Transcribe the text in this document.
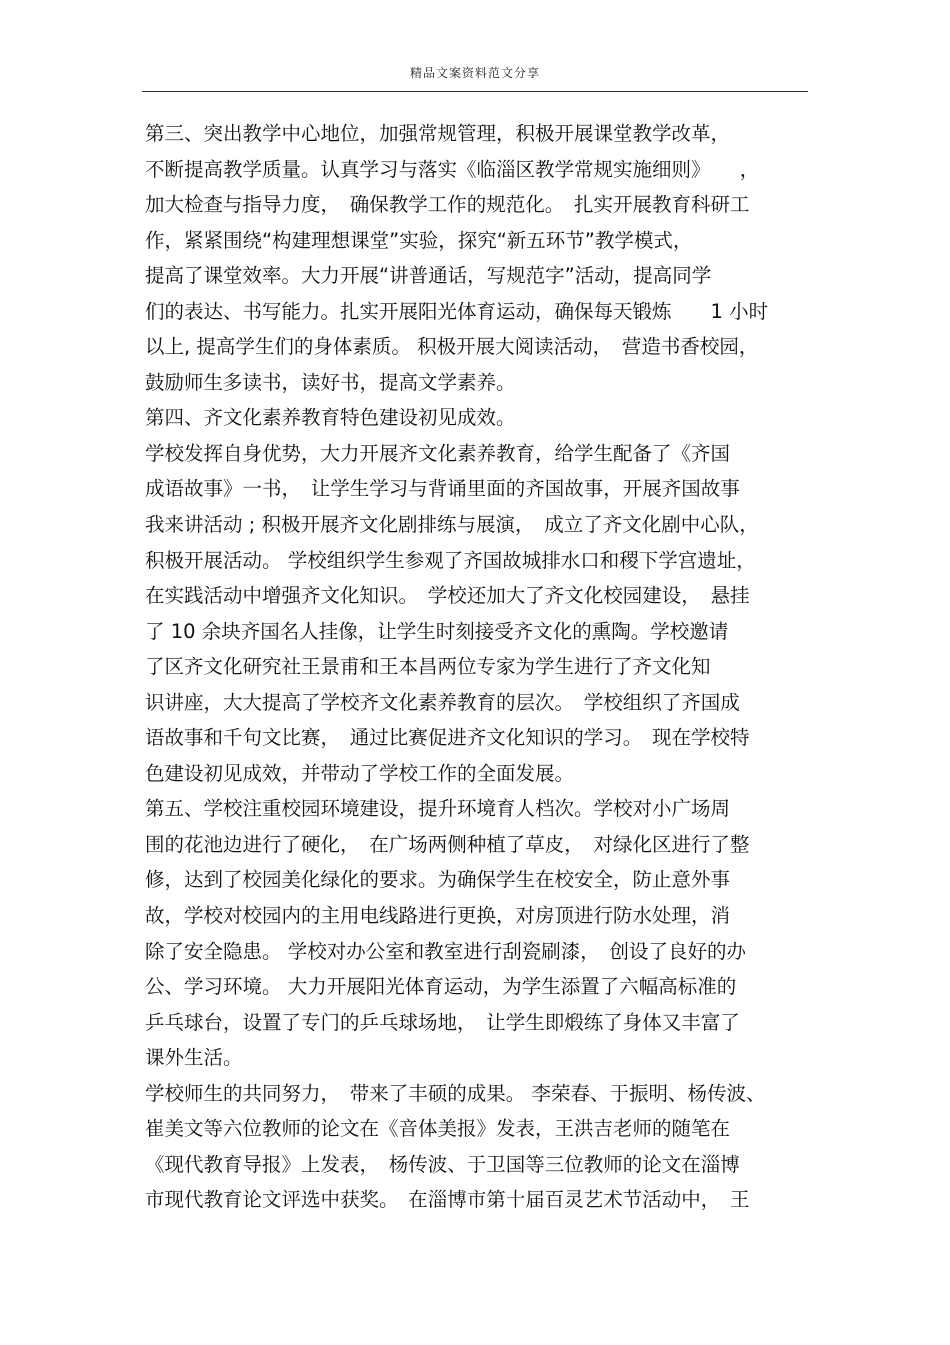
精品文案资料范文分享
第三、突出教学中心地位，加强常规管理，积极开展课堂教学改革，
不断提高教学质量。认真学习与落实《临淄区教学常规实施细则》　　，
加大检查与指导力度，　确保教学工作的规范化。　扎实开展教育科研工
作，紧紧围绕“构建理想课堂”实验，探究“新五环节”教学模式，
提高了课堂效率。大力开展“讲普通话，写规范字”活动，提高同学
们的表达、书写能力。扎实开展阳光体育运动，确保每天锻炼　　1 小时
以上, 提高学生们的身体素质。 积极开展大阅读活动，　营造书香校园，
鼓励师生多读书，读好书，提高文学素养。
第四、齐文化素养教育特色建设初见成效。
学校发挥自身优势，大力开展齐文化素养教育，给学生配备了《齐国
成语故事》一书，　让学生学习与背诵里面的齐国故事，开展齐国故事
我来讲活动 ; 积极开展齐文化剧排练与展演，　成立了齐文化剧中心队，
积极开展活动。 学校组织学生参观了齐国故城排水口和稷下学宫遗址，
在实践活动中增强齐文化知识。　学校还加大了齐文化校园建设，　悬挂
了 10 余块齐国名人挂像，让学生时刻接受齐文化的熏陶。学校邀请
了区齐文化研究社王景甫和王本昌两位专家为学生进行了齐文化知
识讲座，大大提高了学校齐文化素养教育的层次。　学校组织了齐国成
语故事和千句文比赛，　通过比赛促进齐文化知识的学习。　现在学校特
色建设初见成效，并带动了学校工作的全面发展。
第五、学校注重校园环境建设，提升环境育人档次。学校对小广场周
围的花池边进行了硬化，　在广场两侧种植了草皮，　对绿化区进行了整
修，达到了校园美化绿化的要求。为确保学生在校安全，防止意外事
故，学校对校园内的主用电线路进行更换，对房顶进行防水处理，消
除了安全隐患。 学校对办公室和教室进行刮瓷刷漆，　创设了良好的办
公、学习环境。 大力开展阳光体育运动，为学生添置了六幅高标准的
乒乓球台，设置了专门的乒乓球场地，　让学生即煅练了身体又丰富了
课外生活。
学校师生的共同努力，　带来了丰硕的成果。 李荣春、于振明、杨传波、
崔美文等六位教师的论文在《音体美报》发表，王洪吉老师的随笔在
《现代教育导报》上发表，　杨传波、于卫国等三位教师的论文在淄博
市现代教育论文评选中获奖。　在淄博市第十届百灵艺术节活动中，　王
